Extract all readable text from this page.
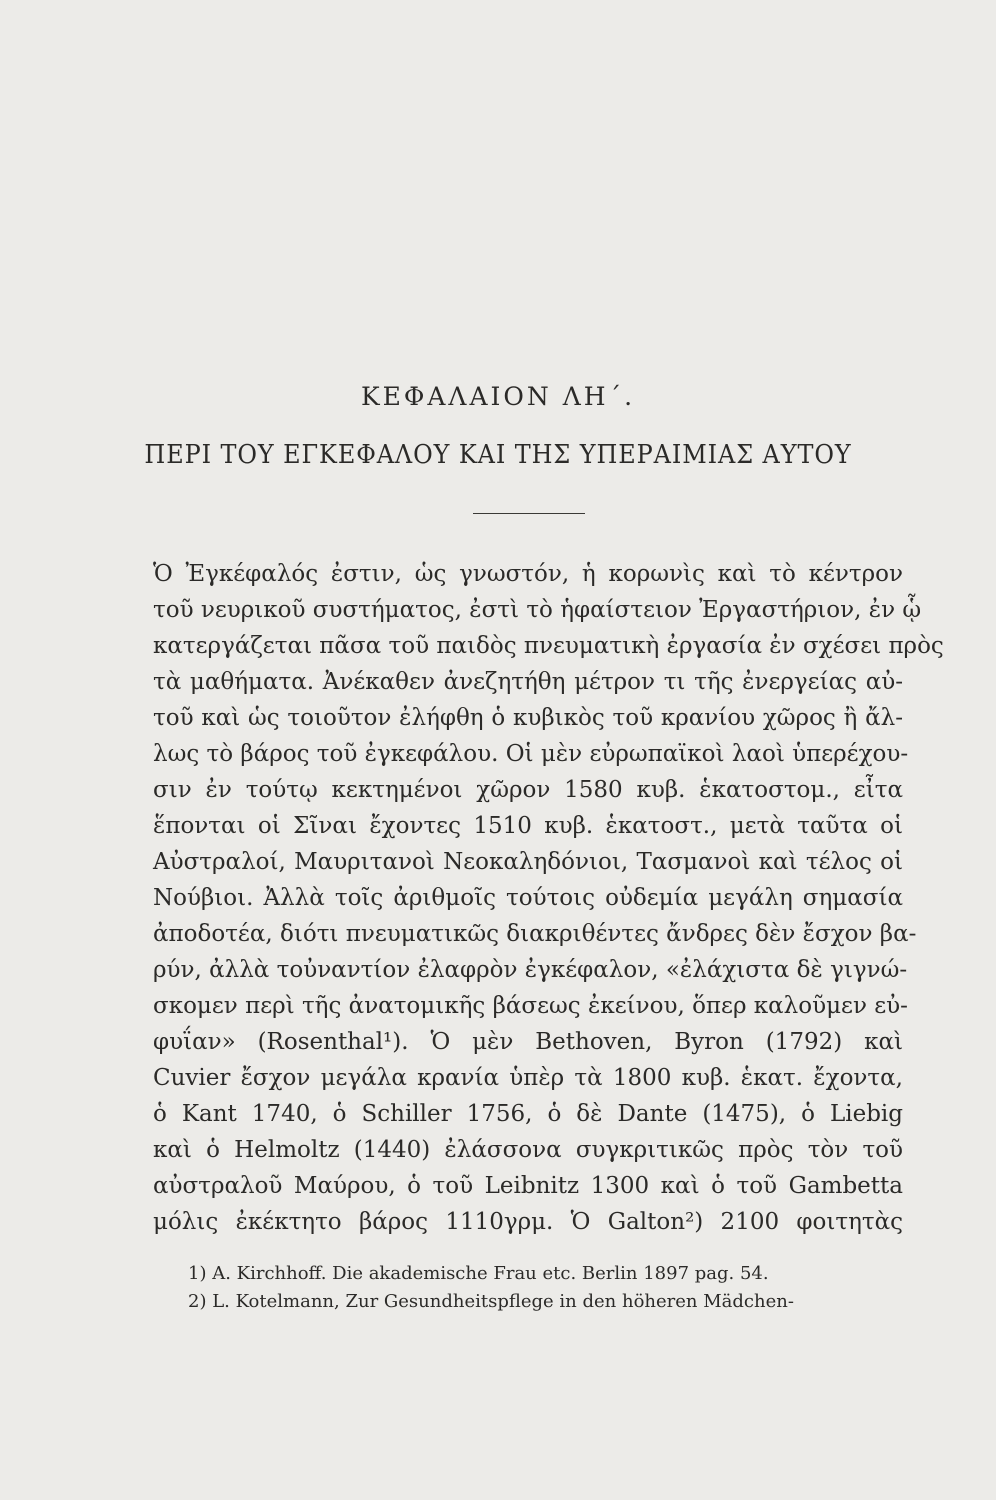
ΚΕΦΑΛΑΙΟΝ ΛΗ΄.
ΠΕΡΙ ΤΟΥ ΕΓΚΕΦΑΛΟΥ ΚΑΙ ΤΗΣ ΥΠΕΡΑΙΜΙΑΣ ΑΥΤΟΥ
Ὁ Ἐγκέφαλός ἐστιν, ὡς γνωστόν, ἡ κορωνὶς καὶ τὸ κέντρον
τοῦ νευρικοῦ συστήματος, ἐστὶ τὸ ἡφαίστειον Ἐργαστήριον, ἐν ᾧ
κατεργάζεται πᾶσα τοῦ παιδὸς πνευματικὴ ἐργασία ἐν σχέσει πρὸς
τὰ μαθήματα. Ἀνέκαθεν ἀνεζητήθη μέτρον τι τῆς ἐνεργείας αὐ-
τοῦ καὶ ὡς τοιοῦτον ἐλήφθη ὁ κυβικὸς τοῦ κρανίου χῶρος ἢ ἄλ-
λως τὸ βάρος τοῦ ἐγκεφάλου. Οἱ μὲν εὐρωπαϊκοὶ λαοὶ ὑπερέχου-
σιν ἐν τούτῳ κεκτημένοι χῶρον 1580 κυβ. ἑκατοστομ., εἶτα
ἕπονται οἱ Σῖναι ἔχοντες 1510 κυβ. ἑκατοστ., μετὰ ταῦτα οἱ
Αὐστραλοί, Μαυριτανοὶ Νεοκαληδόνιοι, Τασμανοὶ καὶ τέλος οἱ
Νούβιοι. Ἀλλὰ τοῖς ἀριθμοῖς τούτοις οὐδεμία μεγάλη σημασία
ἀποδοτέα, διότι πνευματικῶς διακριθέντες ἄνδρες δὲν ἔσχον βα-
ρύν, ἀλλὰ τοὐναντίον ἐλαφρὸν ἐγκέφαλον, «ἐλάχιστα δὲ γιγνώ-
σκομεν περὶ τῆς ἀνατομικῆς βάσεως ἐκείνου, ὅπερ καλοῦμεν εὐ-
φυΐαν» (Rosenthal¹). Ὁ μὲν Bethoven, Byron (1792) καὶ
Cuvier ἔσχον μεγάλα κρανία ὑπὲρ τὰ 1800 κυβ. ἑκατ. ἔχοντα,
ὁ Kant 1740, ὁ Schiller 1756, ὁ δὲ Dante (1475), ὁ Liebig
καὶ ὁ Helmoltz (1440) ἐλάσσονα συγκριτικῶς πρὸς τὸν τοῦ
αὐστραλοῦ Μαύρου, ὁ τοῦ Leibnitz 1300 καὶ ὁ τοῦ Gambetta
μόλις ἐκέκτητο βάρος 1110γρμ. Ὁ Galton²) 2100 φοιτητὰς
1) A. Kirchhoff. Die akademische Frau etc. Berlin 1897 pag. 54.
2) L. Kotelmann, Zur Gesundheitspflege in den höheren Mädchen-
